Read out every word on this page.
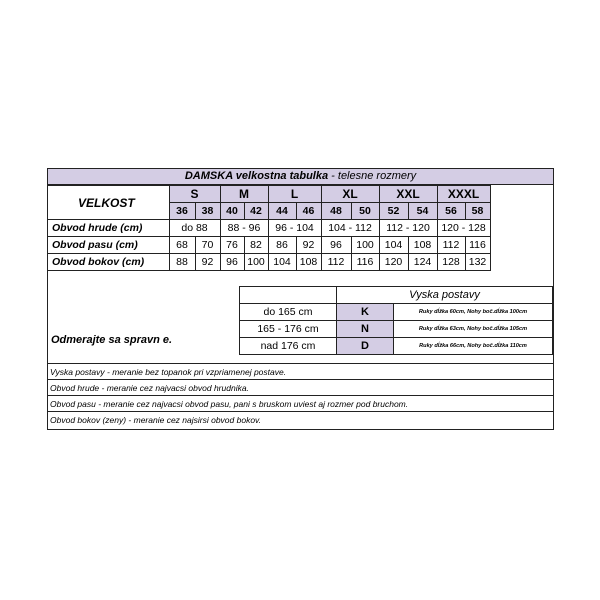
DAMSKA velkostna tabulka - telesne rozmery
VELKOST	S		M		L		XL		XXL		XXXL	
	36	38	40	42	44	46	48	50	52	54	56	58
Obvod hrude (cm)	do 88		88 - 96		96 - 104		104 - 112		112 - 120		120 - 128	
Obvod pasu (cm)	68	70	76	82	86	92	96	100	104	108	112	116
Obvod bokov (cm)	88	92	96	100	104	108	112	116	120	124	128	132
	Vyska postavy	
do 165 cm	K	Ruky dĺžka 60cm, Nohy boč.dĺžka 100cm
165 - 176 cm	N	Ruky dĺžka 63cm, Nohy boč.dĺžka 105cm
nad 176 cm	D	Ruky dĺžka 66cm, Nohy boč.dĺžka 110cm
Odmerajte sa spravn e.
Vyska postavy - meranie bez topanok pri vzpriamenej postave.
Obvod hrude - meranie cez najvacsi obvod hrudnika.
Obvod pasu - meranie cez najvacsi obvod pasu, pani s bruskom uviest aj rozmer pod bruchom.
Obvod bokov (zeny) - meranie cez najsirsi obvod bokov.
